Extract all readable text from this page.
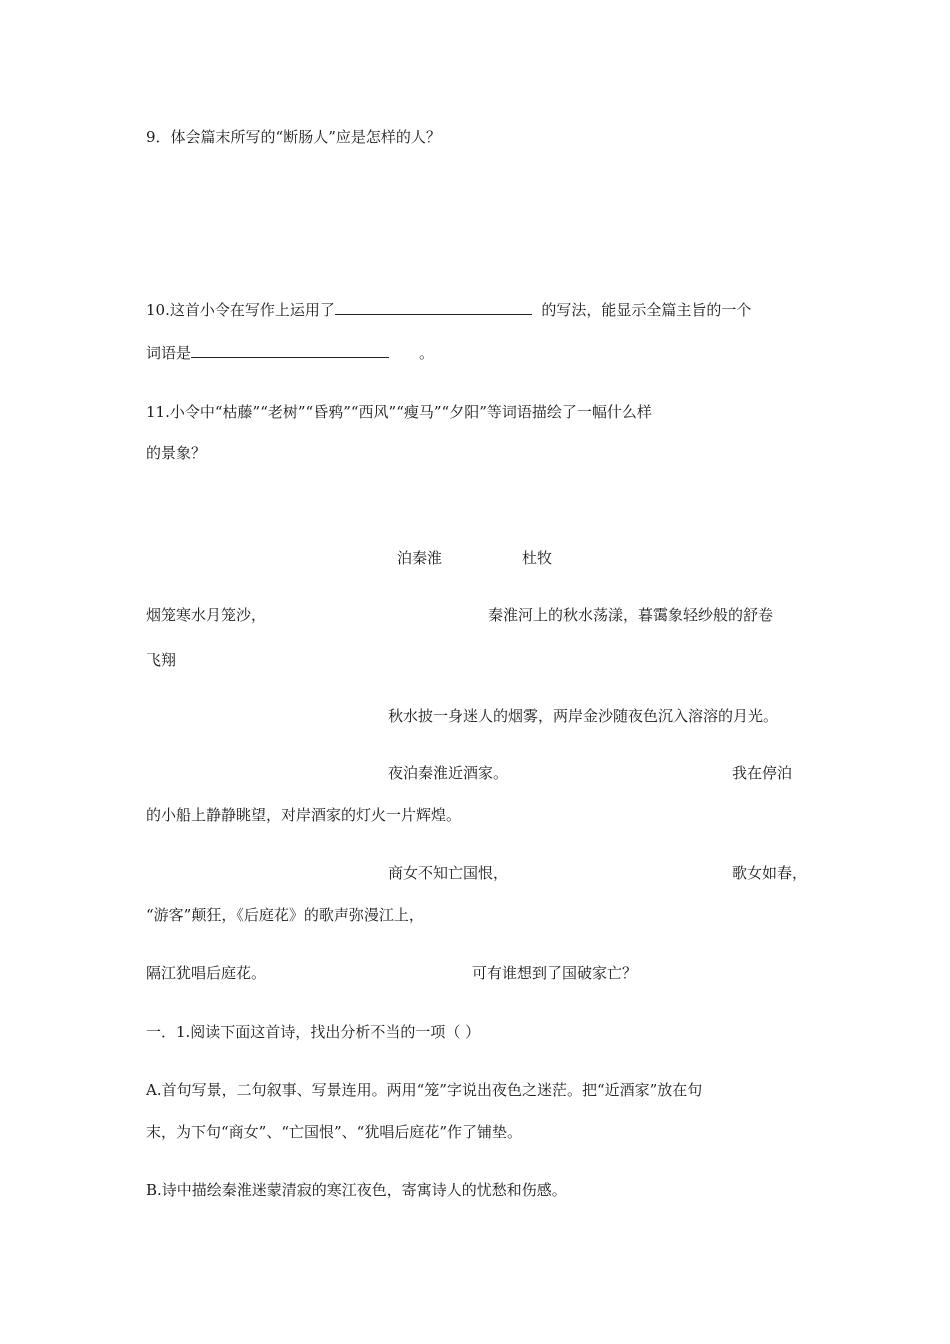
9．体会篇末所写的“断肠人”应是怎样的人？
10.这首小令在写作上运用了	的写法，能显示全篇主旨的一个
词语是	。
11.小令中“枯藤”“老树”“昏鸦”“西风”“瘦马”“夕阳”等词语描绘了一幅什么样
的景象？
泊秦淮	杜牧
烟笼寒水月笼沙，	秦淮河上的秋水荡漾，暮霭象轻纱般的舒卷
飞翔
秋水披一身迷人的烟雾，两岸金沙随夜色沉入溶溶的月光。
夜泊秦淮近酒家。	我在停泊
的小船上静静眺望，对岸酒家的灯火一片辉煌。
商女不知亡国恨，	歌女如春，
“游客”颠狂，《后庭花》的歌声弥漫江上，
隔江犹唱后庭花。	可有谁想到了国破家亡？
一．1.阅读下面这首诗，找出分析不当的一项（ ）
A.首句写景，二句叙事、写景连用。两用“笼”字说出夜色之迷茫。把“近酒家”放在句
末，为下句“商女”、“亡国恨”、“犹唱后庭花”作了铺垫。
B.诗中描绘秦淮迷蒙清寂的寒江夜色，寄寓诗人的忧愁和伤感。
